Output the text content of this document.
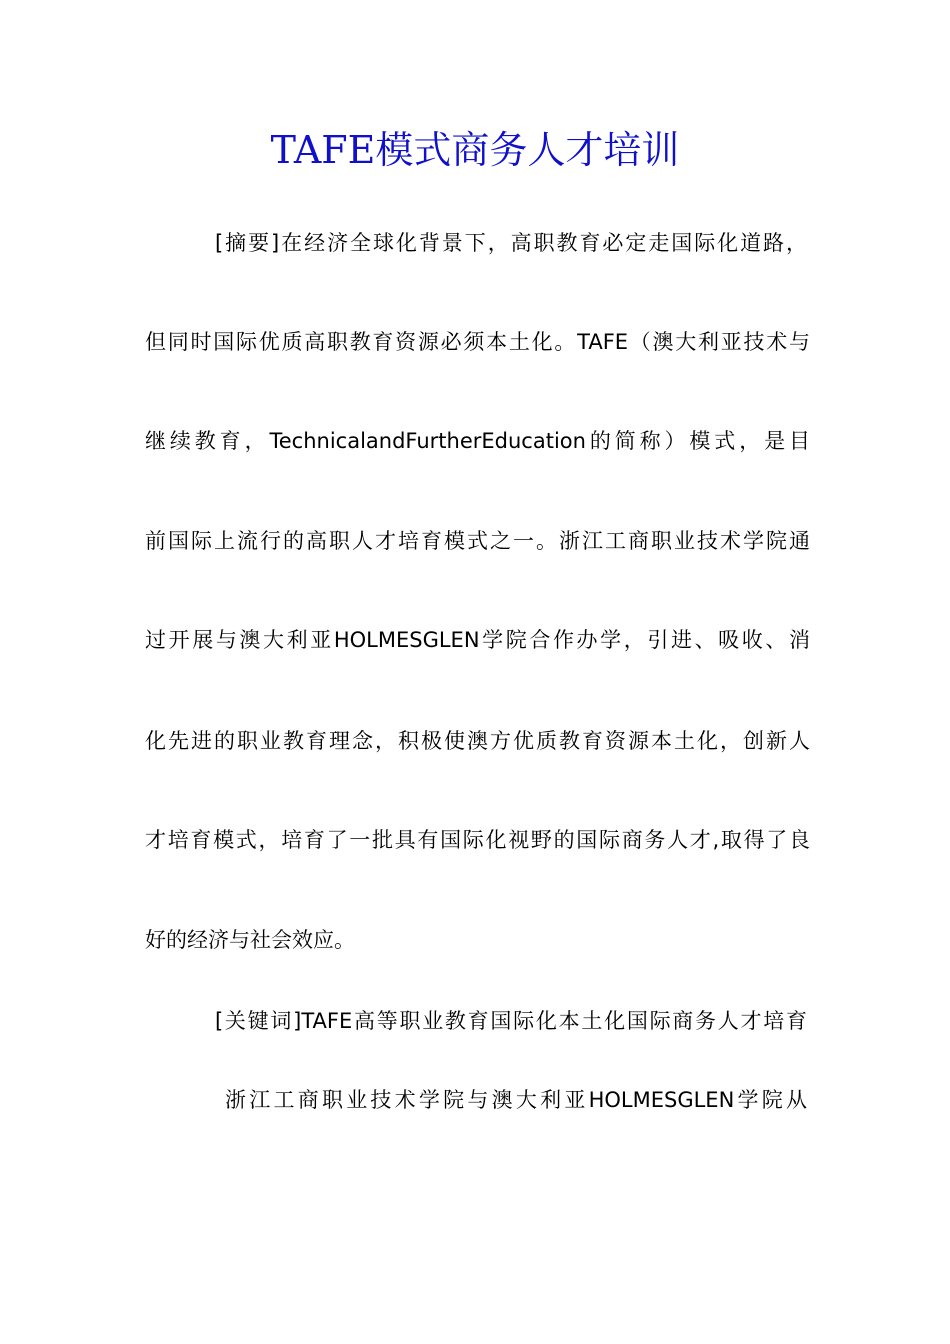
TAFE模式商务人才培训
[摘要]在经济全球化背景下，高职教育必定走国际化道路，
但同时国际优质高职教育资源必须本土化。TAFE（澳大利亚技术与
继续教育，TechnicalandFurtherEducation的简称）模式，是目
前国际上流行的高职人才培育模式之一。浙江工商职业技术学院通
过开展与澳大利亚HOLMESGLEN学院合作办学，引进、吸收、消
化先进的职业教育理念，积极使澳方优质教育资源本土化，创新人
才培育模式，培育了一批具有国际化视野的国际商务人才,取得了良
好的经济与社会效应。
[关键词]TAFE高等职业教育国际化本土化国际商务人才培育
浙江工商职业技术学院与澳大利亚HOLMESGLEN学院从
